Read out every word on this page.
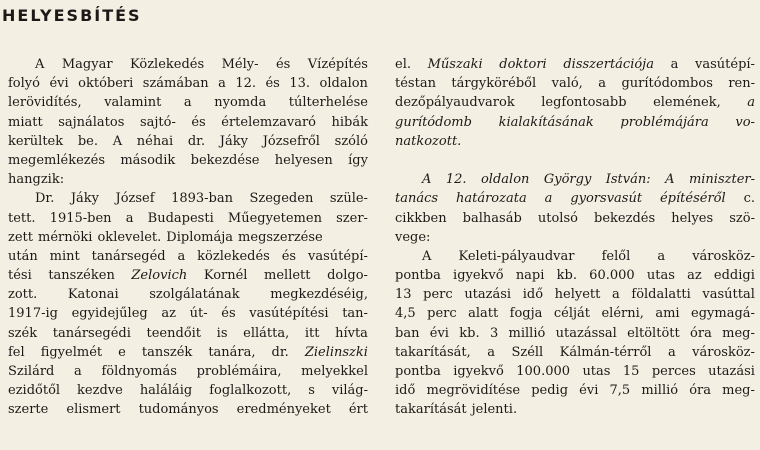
HELYESBÍTÉS
A Magyar Közlekedés Mély- és Vízépítés
folyó évi októberi számában a 12. és 13. oldalon
lerövidítés, valamint a nyomda túlterhelése
miatt sajnálatos sajtó- és értelemzavaró hibák
kerültek be. A néhai dr. Jáky Józsefről szóló
megemlékezés második bekezdése helyesen így
hangzik:
Dr. Jáky József 1893-ban Szegeden szüle-
tett. 1915-ben a Budapesti Műegyetemen szer-
zett mérnöki oklevelet. Diplomája megszerzése
után mint tanársegéd a közlekedés és vasútépí-
tési tanszéken Zelovich Kornél mellett dolgo-
zott. Katonai szolgálatának megkezdéséig,
1917-ig egyidejűleg az út- és vasútépítési tan-
szék tanársegédi teendőit is ellátta, itt hívta
fel figyelmét e tanszék tanára, dr. Zielinszki
Szilárd a földnyomás problémáira, melyekkel
ezidőtől kezdve haláláig foglalkozott, s világ-
szerte elismert tudományos eredményeket ért
el. Műszaki doktori disszertációja a vasútépí-
téstan tárgyköréből való, a gurítódombos ren-
dezőpályaudvarok legfontosabb elemének, a
gurítódomb kialakításának problémájára vo-
natkozott.
A 12. oldalon György István: A miniszter-
tanács határozata a gyorsvasút építéséről c.
cikkben balhasáb utolsó bekezdés helyes szö-
vege:
A Keleti-pályaudvar felől a városköz-
pontba igyekvő napi kb. 60.000 utas az eddigi
13 perc utazási idő helyett a földalatti vasúttal
4,5 perc alatt fogja célját elérni, ami egymagá-
ban évi kb. 3 millió utazással eltöltött óra meg-
takarítását, a Széll Kálmán-térről a városköz-
pontba igyekvő 100.000 utas 15 perces utazási
idő megrövidítése pedig évi 7,5 millió óra meg-
takarítását jelenti.
